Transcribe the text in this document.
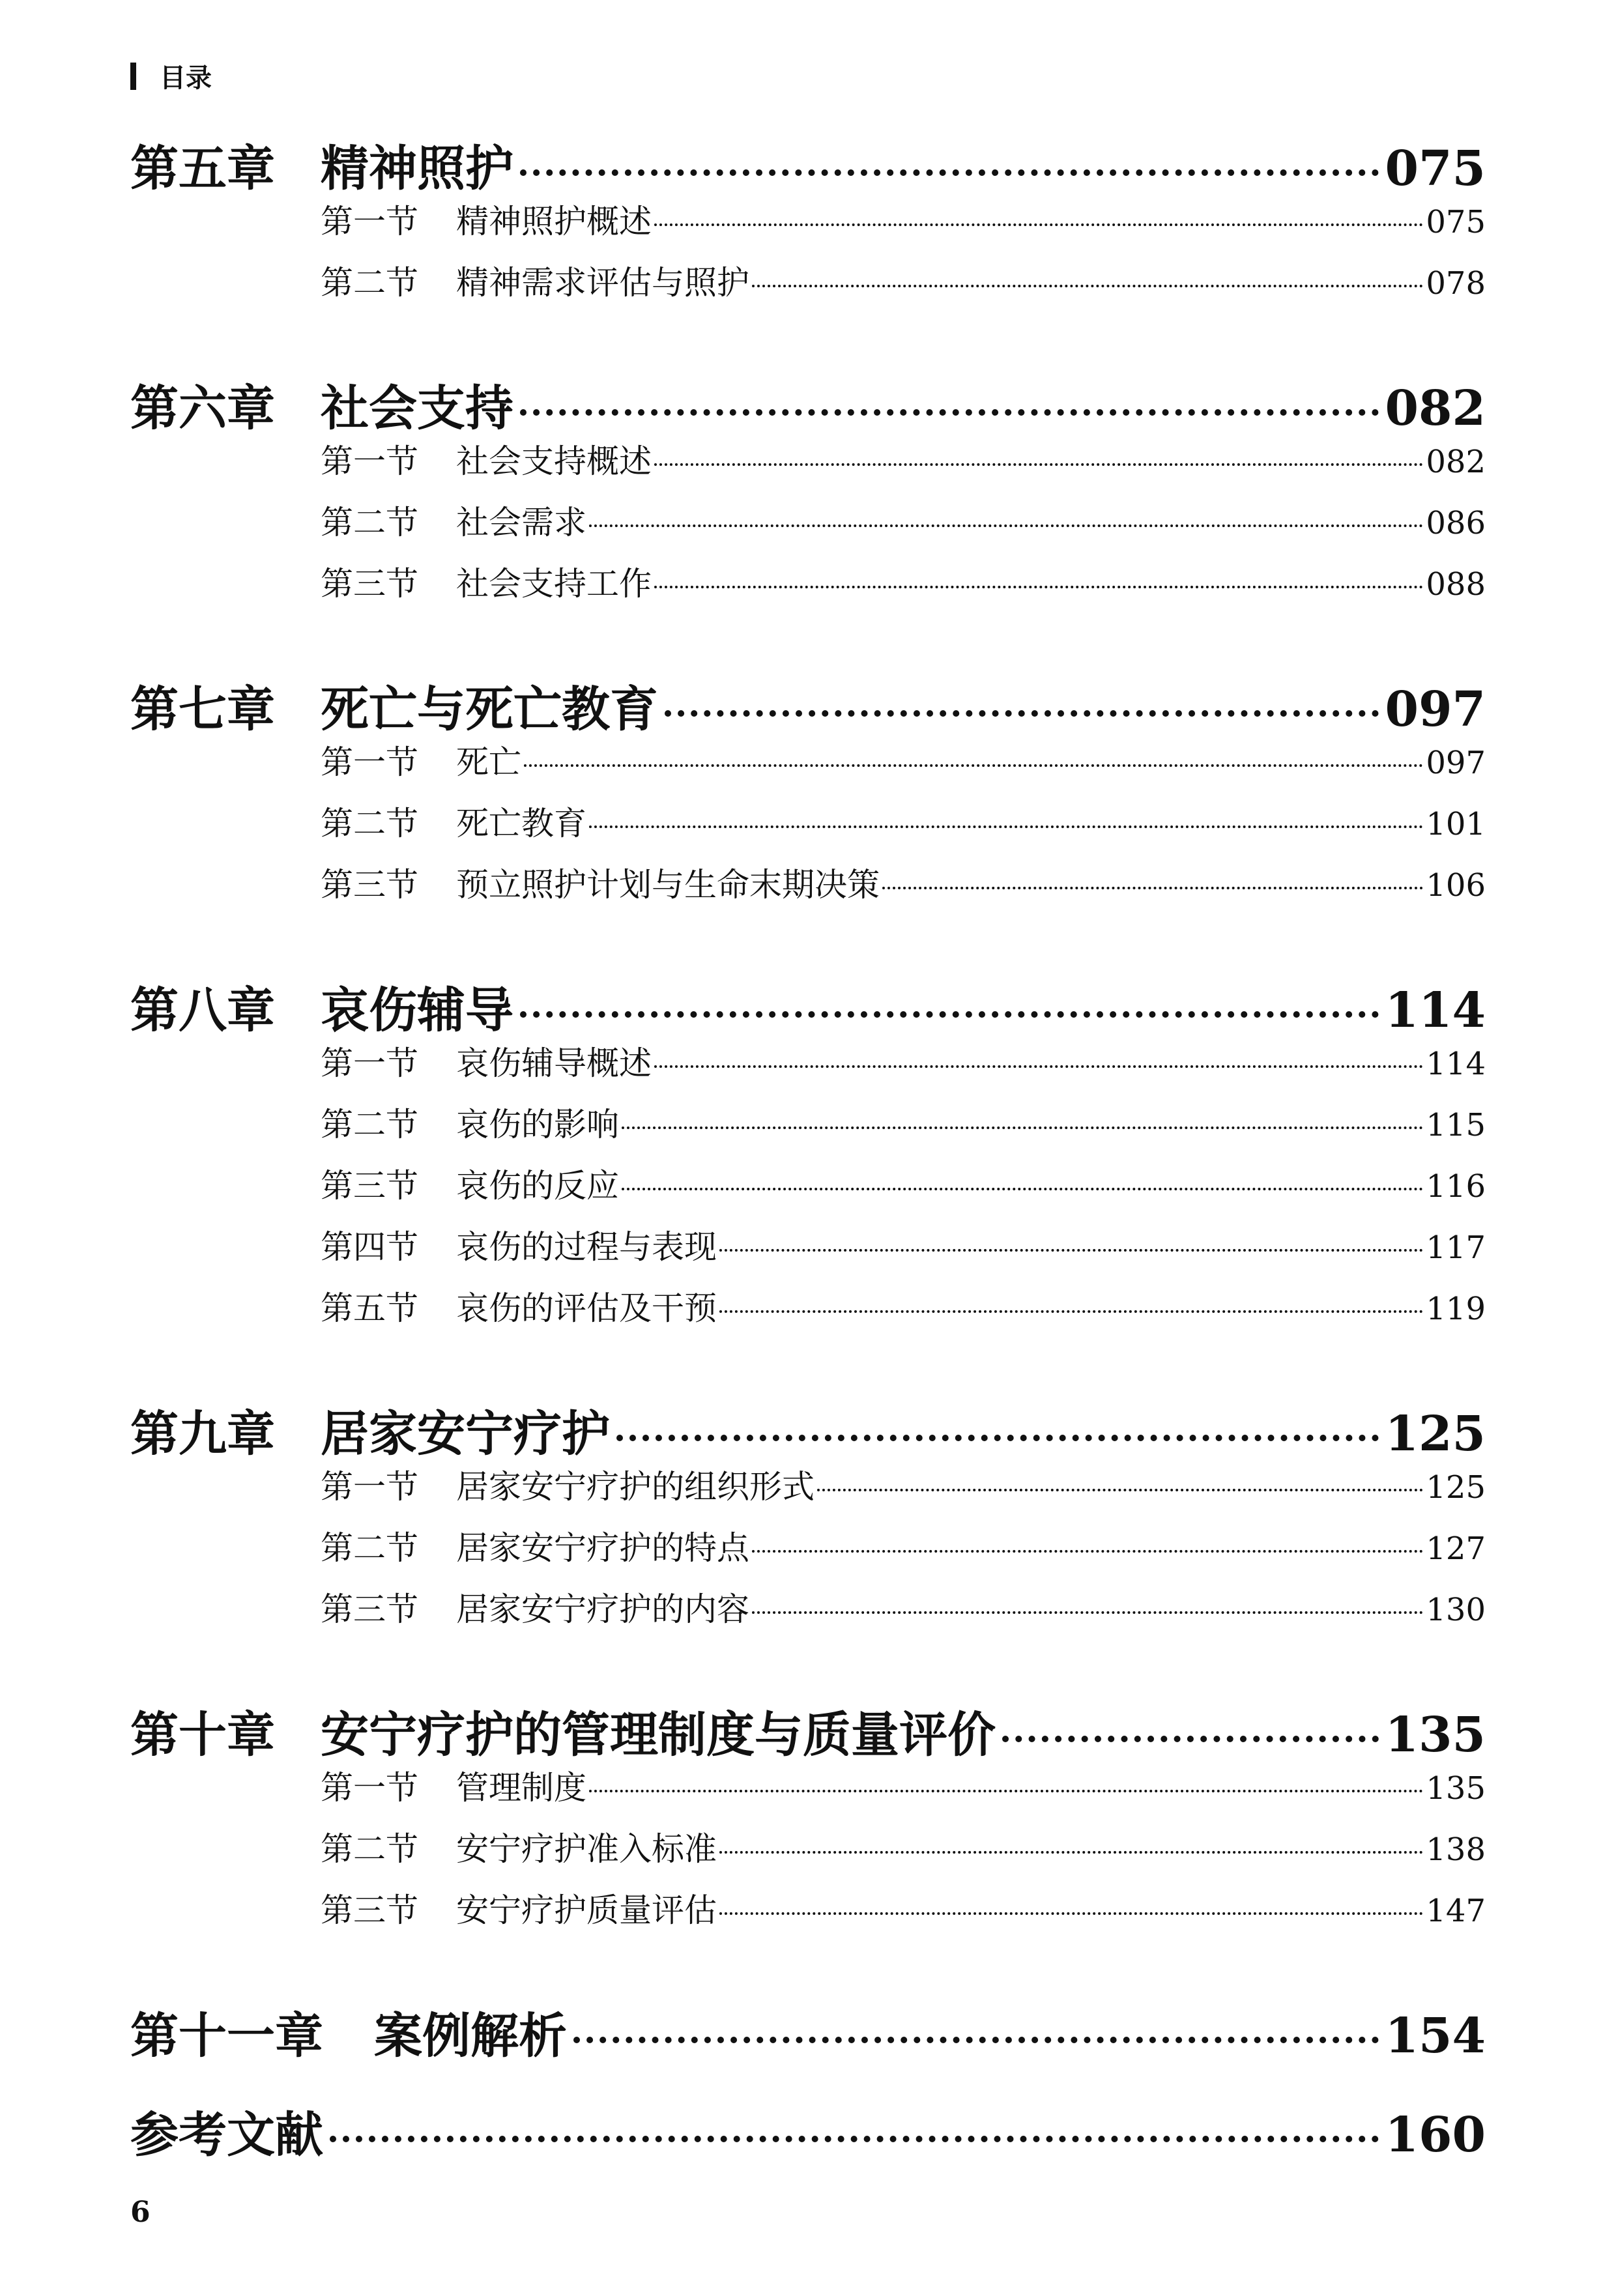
目录
第五章 精神照护	075
第一节	精神照护概述	075
第二节	精神需求评估与照护	078
第六章 社会支持	082
第一节	社会支持概述	082
第二节	社会需求	086
第三节	社会支持工作	088
第七章 死亡与死亡教育	097
第一节	死亡	097
第二节	死亡教育	101
第三节	预立照护计划与生命末期决策	106
第八章 哀伤辅导	114
第一节	哀伤辅导概述	114
第二节	哀伤的影响	115
第三节	哀伤的反应	116
第四节	哀伤的过程与表现	117
第五节	哀伤的评估及干预	119
第九章 居家安宁疗护	125
第一节	居家安宁疗护的组织形式	125
第二节	居家安宁疗护的特点	127
第三节	居家安宁疗护的内容	130
第十章 安宁疗护的管理制度与质量评价	135
第一节	管理制度	135
第二节	安宁疗护准入标准	138
第三节	安宁疗护质量评估	147
第十一章	案例解析	154
参考文献	160
6
